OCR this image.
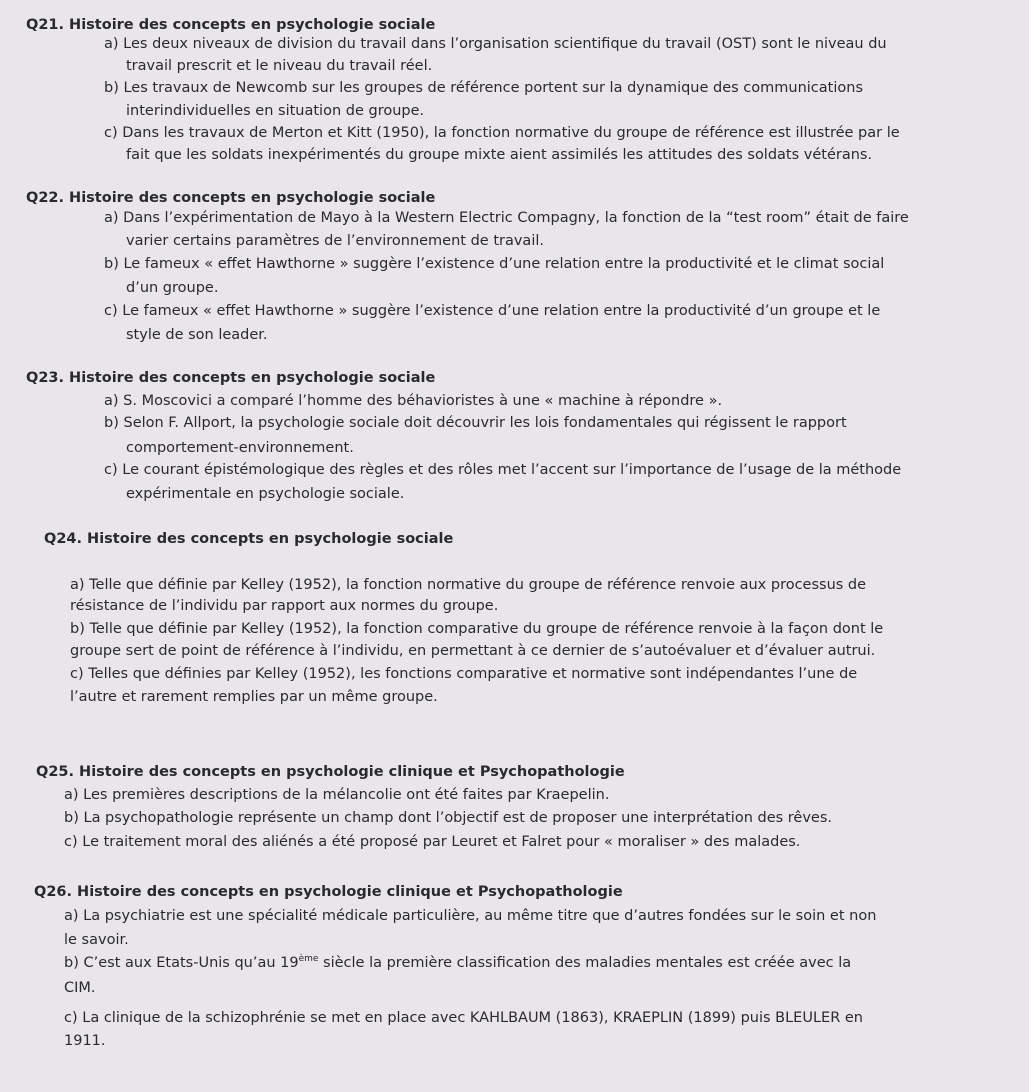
Q21. Histoire des concepts en psychologie sociale
a) Les deux niveaux de division du travail dans l’organisation scientifique du travail (OST) sont le niveau du
travail prescrit et le niveau du travail réel.
b) Les travaux de Newcomb sur les groupes de référence portent sur la dynamique des communications
interindividuelles en situation de groupe.
c) Dans les travaux de Merton et Kitt (1950), la fonction normative du groupe de référence est illustrée par le
fait que les soldats inexpérimentés du groupe mixte aient assimilés les attitudes des soldats vétérans.
Q22. Histoire des concepts en psychologie sociale
a) Dans l’expérimentation de Mayo à la Western Electric Compagny, la fonction de la “test room” était de faire
varier certains paramètres de l’environnement de travail.
b) Le fameux « effet Hawthorne » suggère l’existence d’une relation entre la productivité et le climat social
d’un groupe.
c) Le fameux « effet Hawthorne » suggère l’existence d’une relation entre la productivité d’un groupe et le
style de son leader.
Q23. Histoire des concepts en psychologie sociale
a) S. Moscovici a comparé l’homme des béhavioristes à une « machine à répondre ».
b) Selon F. Allport, la psychologie sociale doit découvrir les lois fondamentales qui régissent le rapport
comportement-environnement.
c) Le courant épistémologique des règles et des rôles met l’accent sur l’importance de l’usage de la méthode
expérimentale en psychologie sociale.
Q24. Histoire des concepts en psychologie sociale
a) Telle que définie par Kelley (1952), la fonction normative du groupe de référence renvoie aux processus de
résistance de l’individu par rapport aux normes du groupe.
b) Telle que définie par Kelley (1952), la fonction comparative du groupe de référence renvoie à la façon dont le
groupe sert de point de référence à l’individu, en permettant à ce dernier de s’autoévaluer et d’évaluer autrui.
c) Telles que définies par Kelley (1952), les fonctions comparative et normative sont indépendantes l’une de
l’autre et rarement remplies par un même groupe.
Q25. Histoire des concepts en psychologie clinique et Psychopathologie
a) Les premières descriptions de la mélancolie ont été faites par Kraepelin.
b) La psychopathologie représente un champ dont l’objectif est de proposer une interprétation des rêves.
c) Le traitement moral des aliénés a été proposé par Leuret et Falret pour « moraliser » des malades.
Q26. Histoire des concepts en psychologie clinique et Psychopathologie
a) La psychiatrie est une spécialité médicale particulière, au même titre que d’autres fondées sur le soin et non
le savoir.
b) C’est aux Etats-Unis qu’au 19ème siècle la première classification des maladies mentales est créée avec la
CIM.
c) La clinique de la schizophrénie se met en place avec KAHLBAUM (1863), KRAEPLIN (1899) puis BLEULER en
1911.
